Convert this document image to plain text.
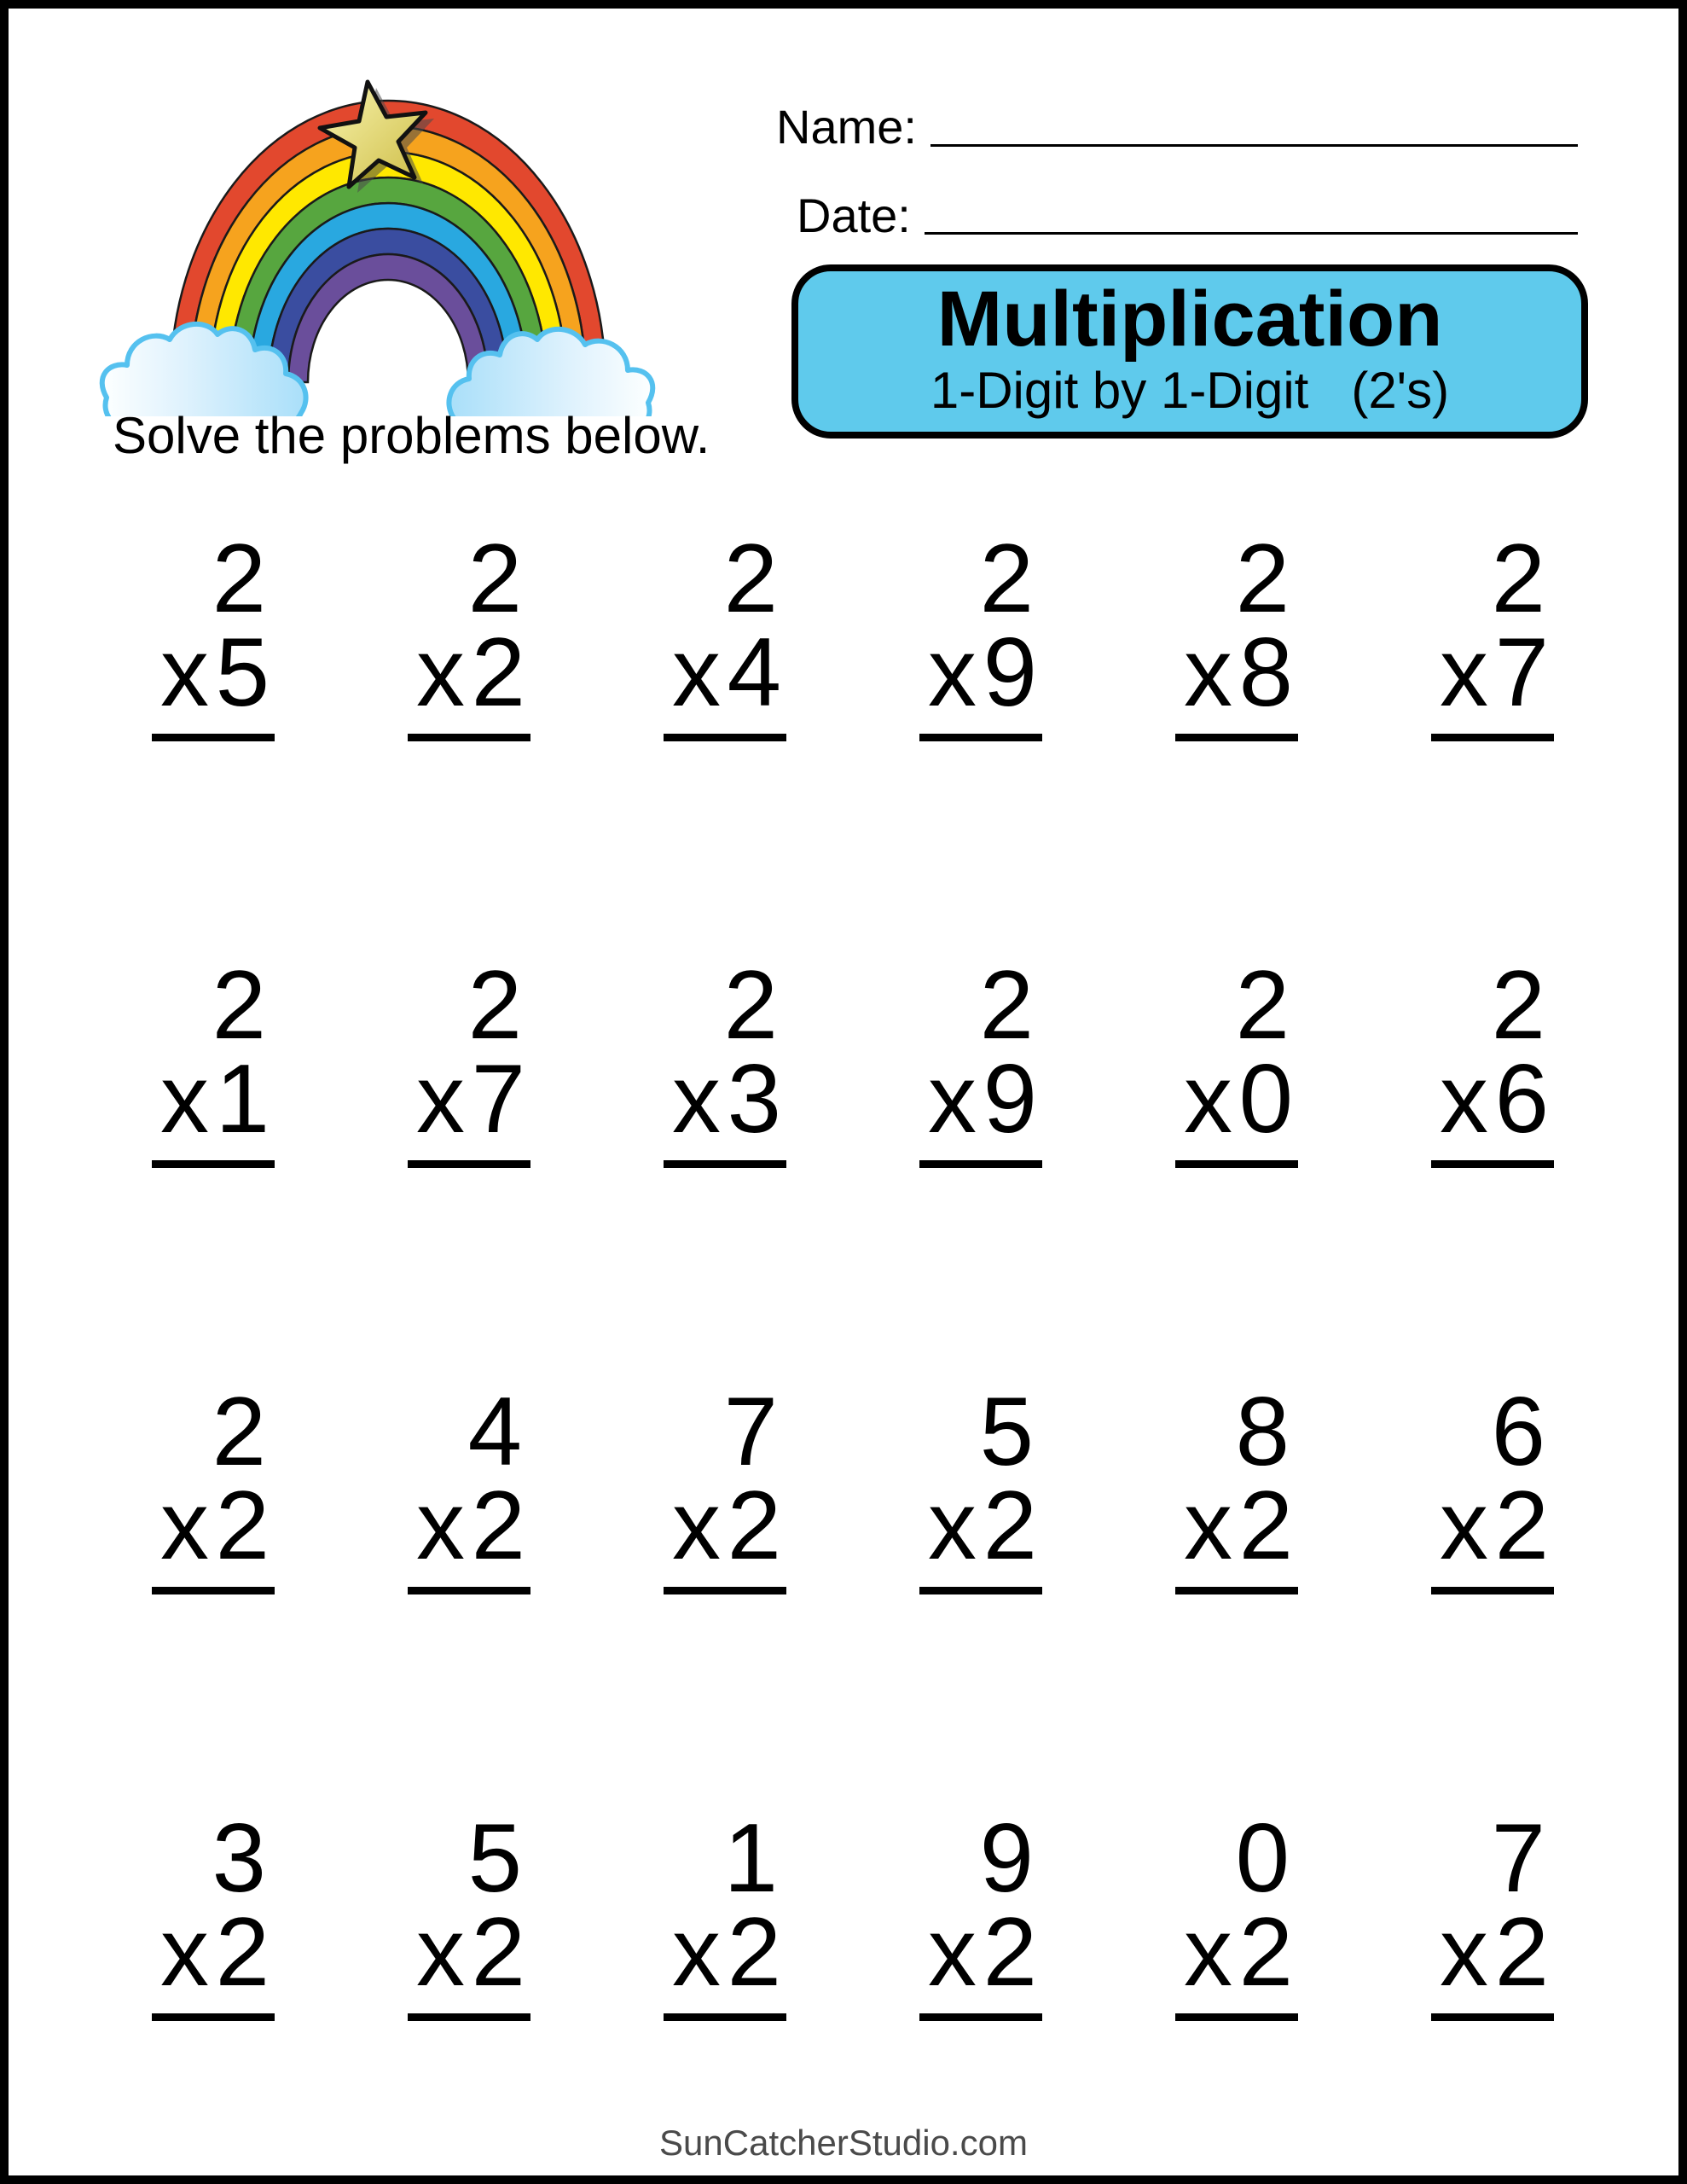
Solve the problems below.
Name:
Date:
Multiplication
1-Digit by 1-Digit   (2's)
2
x 5
2
x 2
2
x 4
2
x 9
2
x 8
2
x 7
2
x 1
2
x 7
2
x 3
2
x 9
2
x 0
2
x 6
2
x 2
4
x 2
7
x 2
5
x 2
8
x 2
6
x 2
3
x 2
5
x 2
1
x 2
9
x 2
0
x 2
7
x 2
SunCatcherStudio.com
